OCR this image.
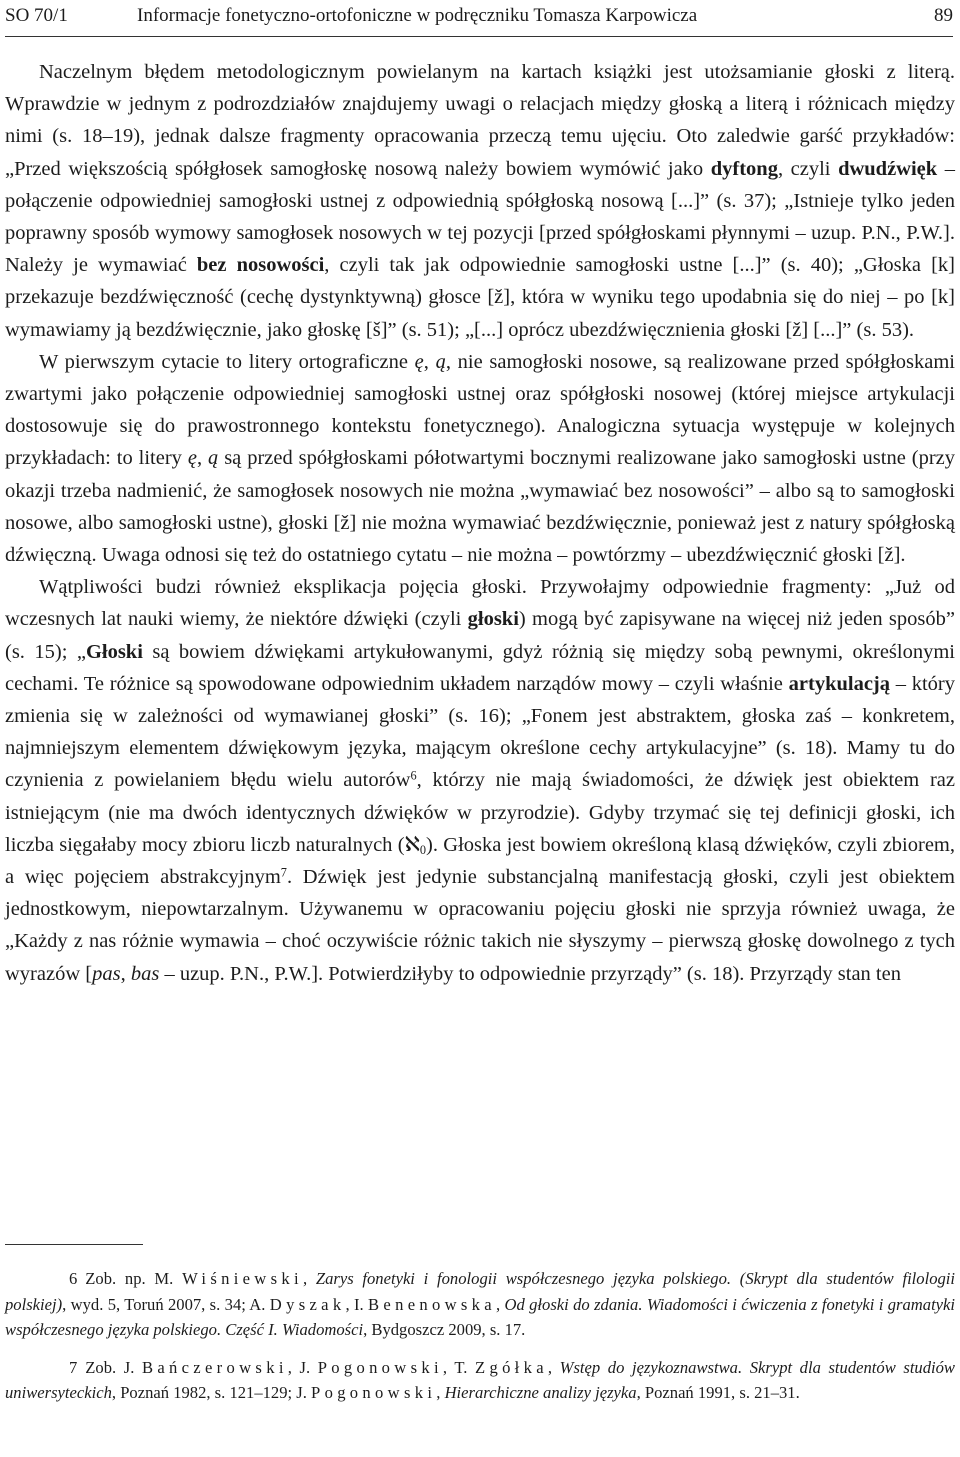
SO 70/1	Informacje fonetyczno-ortofoniczne w podręczniku Tomasza Karpowicza	89

Naczelnym błędem metodologicznym powielanym na kartach książki jest utożsamianie głoski z literą. Wprawdzie w jednym z podrozdziałów znajdujemy uwagi o relacjach między głoską a literą i różnicach między nimi (s. 18–19), jednak dalsze fragmenty opracowania przeczą temu ujęciu. Oto zaledwie garść przykładów: „Przed większością spółgłosek samogłoskę nosową należy bowiem wymówić jako dyftong, czyli dwudźwięk – połączenie odpowiedniej samogłoski ustnej z odpowiednią spółgłoską nosową [...]” (s. 37); „Istnieje tylko jeden poprawny sposób wymowy samogłosek nosowych w tej pozycji [przed spółgłoskami płynnymi – uzup. P.N., P.W.]. Należy je wymawiać bez nosowości, czyli tak jak odpowiednie samogłoski ustne [...]” (s. 40); „Głoska [k] przekazuje bezdźwięczność (cechę dystynktywną) głosce [ž], która w wyniku tego upodabnia się do niej – po [k] wymawiamy ją bezdźwięcznie, jako głoskę [š]” (s. 51); „[...] oprócz ubezdźwięcznienia głoski [ž] [...]” (s. 53).

W pierwszym cytacie to litery ortograficzne ę, ą, nie samogłoski nosowe, są realizowane przed spółgłoskami zwartymi jako połączenie odpowiedniej samogłoski ustnej oraz spółgłoski nosowej (której miejsce artykulacji dostosowuje się do prawostronnego kontekstu fonetycznego). Analogiczna sytuacja występuje w kolejnych przykładach: to litery ę, ą są przed spółgłoskami półotwartymi bocznymi realizowane jako samogłoski ustne (przy okazji trzeba nadmienić, że samogłosek nosowych nie można „wymawiać bez nosowości” – albo są to samogłoski nosowe, albo samogłoski ustne), głoski [ž] nie można wymawiać bezdźwięcznie, ponieważ jest z natury spółgłoską dźwięczną. Uwaga odnosi się też do ostatniego cytatu – nie można – powtórzmy – ubezdźwięcznić głoski [ž].

Wątpliwości budzi również eksplikacja pojęcia głoski. Przywołajmy odpowiednie fragmenty: „Już od wczesnych lat nauki wiemy, że niektóre dźwięki (czyli głoski) mogą być zapisywane na więcej niż jeden sposób” (s. 15); „Głoski są bowiem dźwiękami artykułowanymi, gdyż różnią się między sobą pewnymi, określonymi cechami. Te różnice są spowodowane odpowiednim układem narządów mowy – czyli właśnie artykulacją – który zmienia się w zależności od wymawianej głoski” (s. 16); „Fonem jest abstraktem, głoska zaś – konkretem, najmniejszym elementem dźwiękowym języka, mającym określone cechy artykulacyjne” (s. 18). Mamy tu do czynienia z powielaniem błędu wielu autorów$^6$, którzy nie mają świadomości, że dźwięk jest obiektem raz istniejącym (nie ma dwóch identycznych dźwięków w przyrodzie). Gdyby trzymać się tej definicji głoski, ich liczba sięgałaby mocy zbioru liczb naturalnych (ℵ$_0$). Głoska jest bowiem określoną klasą dźwięków, czyli zbiorem, a więc pojęciem abstrakcyjnym$^7$. Dźwięk jest jedynie substancjalną manifestacją głoski, czyli jest obiektem jednostkowym, niepowtarzalnym. Używanemu w opracowaniu pojęciu głoski nie sprzyja również uwaga, że „Każdy z nas różnie wymawia – choć oczywiście różnic takich nie słyszymy – pierwszą głoskę dowolnego z tych wyrazów [pas, bas – uzup. P.N., P.W.]. Potwierdziłyby to odpowiednie przyrządy” (s. 18). Przyrządy stan ten

6 Zob. np. M. Wiśniewski, Zarys fonetyki i fonologii współczesnego języka polskiego. (Skrypt dla studentów filologii polskiej), wyd. 5, Toruń 2007, s. 34; A. Dyszak, I. Benenowska, Od głoski do zdania. Wiadomości i ćwiczenia z fonetyki i gramatyki współczesnego języka polskiego. Część I. Wiadomości, Bydgoszcz 2009, s. 17.

7 Zob. J. Bańczerowski, J. Pogonowski, T. Zgółka, Wstęp do językoznawstwa. Skrypt dla studentów studiów uniwersyteckich, Poznań 1982, s. 121–129; J. Pogonowski, Hierarchiczne analizy języka, Poznań 1991, s. 21–31.
